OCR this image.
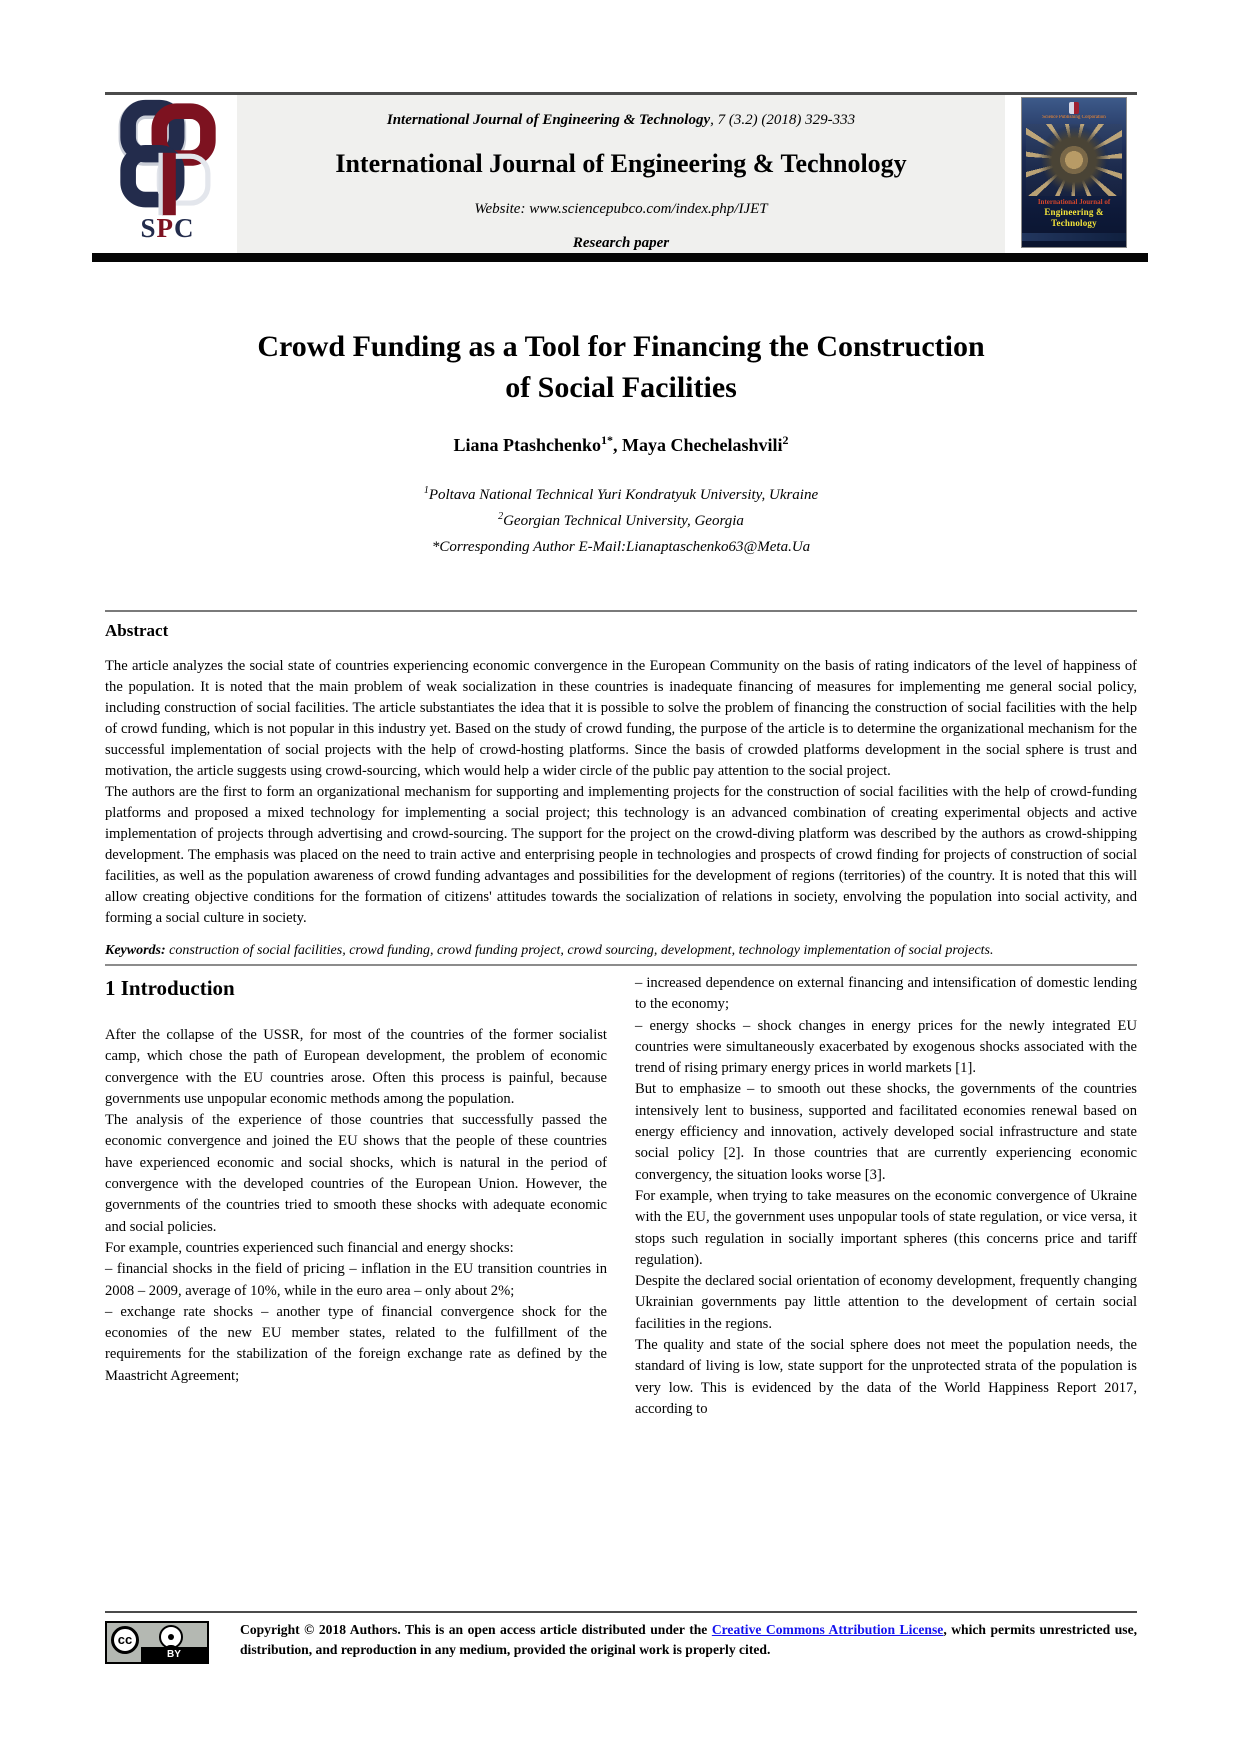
SPC
International Journal of Engineering & Technology, 7 (3.2) (2018) 329-333
International Journal of Engineering & Technology
Website: www.sciencepubco.com/index.php/IJET
Research paper
Science Publishing Corporation
International Journal of
Engineering & Technology
Crowd Funding as a Tool for Financing the Construction
of Social Facilities
Liana Ptashchenko$^{1*}$, Maya Chechelashvili$^2$
$^1$Poltava National Technical Yuri Kondratyuk University, Ukraine
$^2$Georgian Technical University, Georgia
*Corresponding Author E-Mail:Lianaptaschenko63@Meta.Ua
Abstract

The article analyzes the social state of countries experiencing economic convergence in the European Community on the basis of rating indicators of the level of happiness of the population. It is noted that the main problem of weak socialization in these countries is inadequate financing of measures for implementing me general social policy, including construction of social facilities. The article substantiates the idea that it is possible to solve the problem of financing the construction of social facilities with the help of crowd funding, which is not popular in this industry yet. Based on the study of crowd funding, the purpose of the article is to determine the organizational mechanism for the successful implementation of social projects with the help of crowd-hosting platforms. Since the basis of crowded platforms development in the social sphere is trust and motivation, the article suggests using crowd-sourcing, which would help a wider circle of the public pay attention to the social project.

The authors are the first to form an organizational mechanism for supporting and implementing projects for the construction of social facilities with the help of crowd-funding platforms and proposed a mixed technology for implementing a social project; this technology is an advanced combination of creating experimental objects and active implementation of projects through advertising and crowd-sourcing. The support for the project on the crowd-diving platform was described by the authors as crowd-shipping development. The emphasis was placed on the need to train active and enterprising people in technologies and prospects of crowd finding for projects of construction of social facilities, as well as the population awareness of crowd funding advantages and possibilities for the development of regions (territories) of the country. It is noted that this will allow creating objective conditions for the formation of citizens' attitudes towards the socialization of relations in society, envolving the population into social activity, and forming a social culture in society.

Keywords: construction of social facilities, crowd funding, crowd funding project, crowd sourcing, development, technology implementation of social projects.
1 Introduction

After the collapse of the USSR, for most of the countries of the former socialist camp, which chose the path of European development, the problem of economic convergence with the EU countries arose. Often this process is painful, because governments use unpopular economic methods among the population.

The analysis of the experience of those countries that successfully passed the economic convergence and joined the EU shows that the people of these countries have experienced economic and social shocks, which is natural in the period of convergence with the developed countries of the European Union. However, the governments of the countries tried to smooth these shocks with adequate economic and social policies.

For example, countries experienced such financial and energy shocks:

– financial shocks in the field of pricing – inflation in the EU transition countries in 2008 – 2009, average of 10%, while in the euro area – only about 2%;

– exchange rate shocks – another type of financial convergence shock for the economies of the new EU member states, related to the fulfillment of the requirements for the stabilization of the foreign exchange rate as defined by the Maastricht Agreement;

– increased dependence on external financing and intensification of domestic lending to the economy;

– energy shocks – shock changes in energy prices for the newly integrated EU countries were simultaneously exacerbated by exogenous shocks associated with the trend of rising primary energy prices in world markets [1].

But to emphasize – to smooth out these shocks, the governments of the countries intensively lent to business, supported and facilitated economies renewal based on energy efficiency and innovation, actively developed social infrastructure and state social policy [2]. In those countries that are currently experiencing economic convergency, the situation looks worse [3].

For example, when trying to take measures on the economic convergence of Ukraine with the EU, the government uses unpopular tools of state regulation, or vice versa, it stops such regulation in socially important spheres (this concerns price and tariff regulation).

Despite the declared social orientation of economy development, frequently changing Ukrainian governments pay little attention to the development of certain social facilities in the regions.

The quality and state of the social sphere does not meet the population needs, the standard of living is low, state support for the unprotected strata of the population is very low. This is evidenced by the data of the World Happiness Report 2017, according to

cc
BY
Copyright © 2018 Authors. This is an open access article distributed under the Creative Commons Attribution License, which permits unrestricted use, distribution, and reproduction in any medium, provided the original work is properly cited.
